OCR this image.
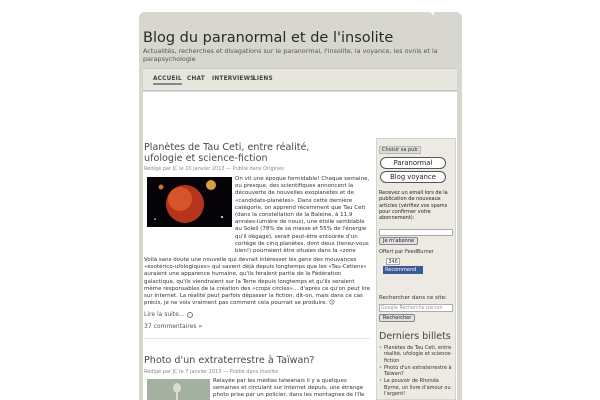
Blog du paranormal et de l'insolite
Actualités, recherches et divagations sur le paranormal, l'insolite, la voyance, les ovnis et la parapsychologie
ACCUEIL CHAT INTERVIEWS
LIENS
Planètes de Tau Ceti, entre réalité, ufologie et science-fiction
Rédigé par JC le 10 janvier 2013 — Publié dans Origines
On vit une époque formidable! Chaque semaine, ou presque, des scientifiques annoncent la découverte de nouvelles exoplanètes et de «candidats-planètes». Dans cette dernière catégorie, on apprend récemment que Tau Ceti (dans la constellation de la Baleine, à 11,9 années-lumière de nous), une étoile semblable au Soleil (78% de sa masse et 55% de l'énergie qu'il dégage), serait peut-être entourée d'un cortège de cinq planètes, dont deux (tenez-vous bien!) pourraient être situées dans la «zone
Voilà sans doute une nouvelle qui devrait intéresser les gens des mouvances «ésotérico-ufologiques» qui savent déjà depuis longtemps que les «Tau-Cetiens» auraient une apparence humaine, qu'ils feraient partie de la Fédération galactique, qu'ils viendraient sur la Terre depuis longtemps et qu'ils seraient même responsables de la création des «crops circles»... d'après ce qu'on peut lire sur Internet. La réalité peut parfois dépasser la fiction, dit-on, mais dans ce cas précis, je ne vois vraiment pas comment cela pourrait se produire. 😉
Lire la suite...
37 commentaires »
Photo d'un extraterrestre à Taïwan?
Rédigé par JC le 7 janvier 2013 — Publié dans Insolite
Relayée par les médias taïwanais il y a quelques semaines et circulant sur Internet depuis, une étrange photo prise par un policier, dans les montagnes de l'île
Choisir sa pub
Paranormal
Blog voyance
Recevez un email lors de la publication de nouveaux articles (vérifiez vos spams pour confirmer votre abonnement):
Je m'abonne
Offert par FeedBurner
346
Recommend
Rechercher dans ce site:
Google Recherche person
Rechercher
Derniers billets
• Planètes de Tau Ceti, entre réalité, ufologie et science-fiction
• Photo d'un extraterrestre à Taïwan?
• Le pouvoir de Rhonda Byrne, un livre d'amour ou l'argent!
